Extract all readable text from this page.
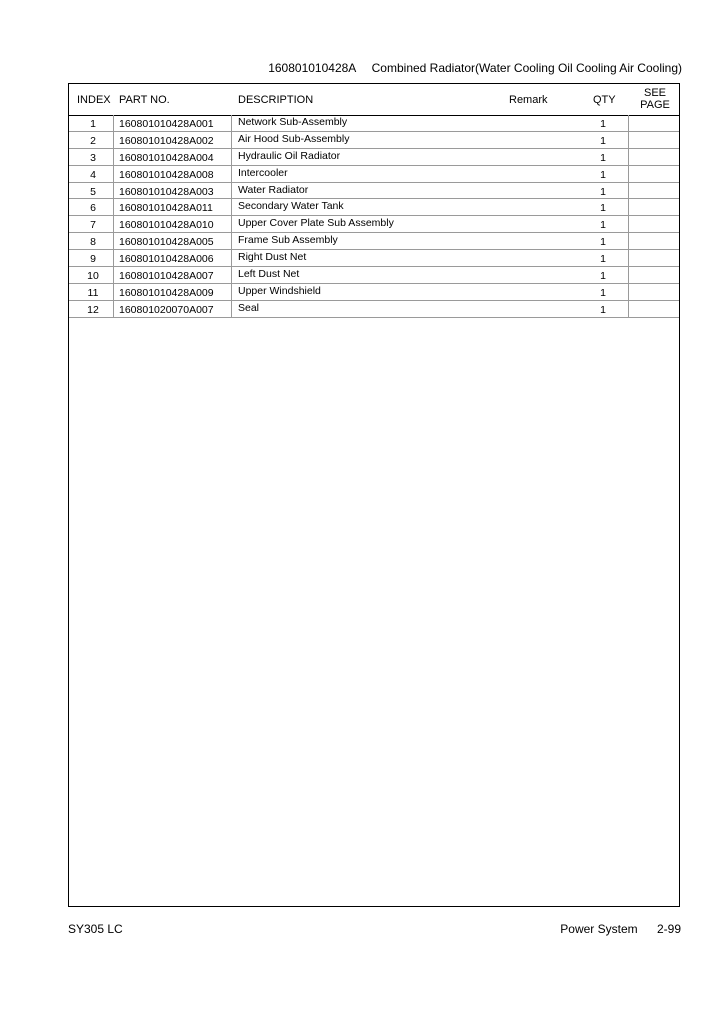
160801010428A Combined Radiator(Water Cooling Oil Cooling Air Cooling)
INDEX PART NO.	DESCRIPTION	Remark	QTY
SEE
PAGE
1	160801010428A001 Network Sub-Assembly	1
2	160801010428A002 Air Hood Sub-Assembly	1
3	160801010428A004 Hydraulic Oil Radiator	1
4	160801010428A008 Intercooler	1
5	160801010428A003 Water Radiator	1
6	160801010428A011 Secondary Water Tank	1
7	160801010428A010 Upper Cover Plate Sub Assembly	1
8	160801010428A005 Frame Sub Assembly	1
9	160801010428A006 Right Dust Net	1
10	160801010428A007 Left Dust Net	1
11	160801010428A009 Upper Windshield	1
12	160801020070A007 Seal	1
SY305 LC	Power System 2-99
